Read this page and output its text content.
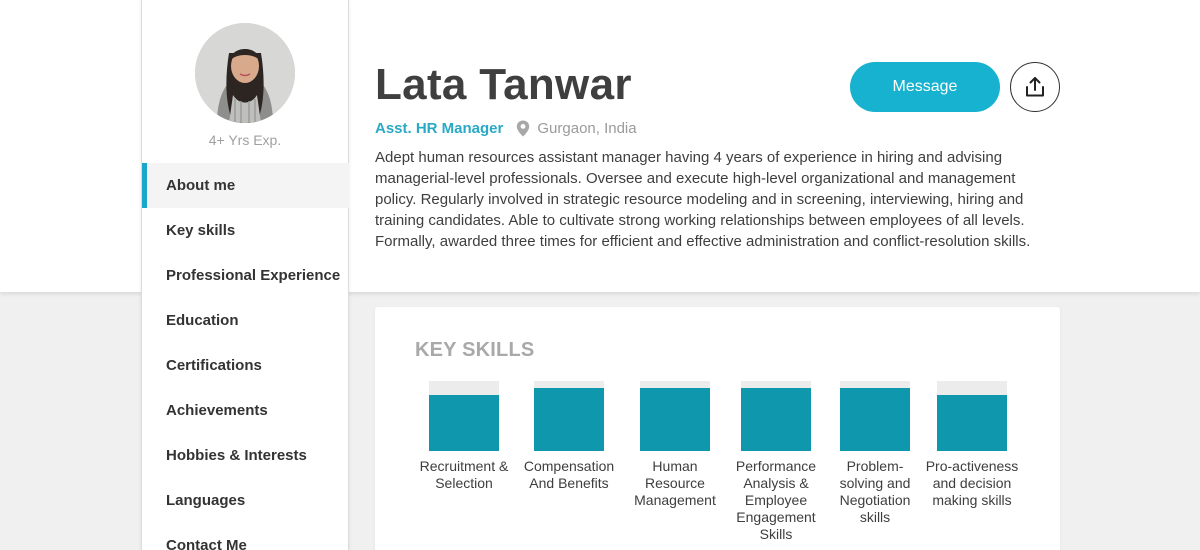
4+ Yrs Exp.
About me
Key skills
Professional Experience
Education
Certifications
Achievements
Hobbies & Interests
Languages
Contact Me
Lata Tanwar
Asst. HR Manager Gurgaon, India

Adept human resources assistant manager having 4 years of experience in hiring and advising managerial-level professionals. Oversee and execute high-level organizational and management policy. Regularly involved in strategic resource modeling and in screening, interviewing, hiring and training candidates. Able to cultivate strong working relationships between employees of all levels. Formally, awarded three times for efficient and effective administration and conflict-resolution skills.

Message
KEY SKILLS
Recruitment & Selection
Compensation And Benefits
Human Resource Management
Performance Analysis & Employee Engagement Skills
Problem-solving and Negotiation skills
Pro-activeness and decision making skills
